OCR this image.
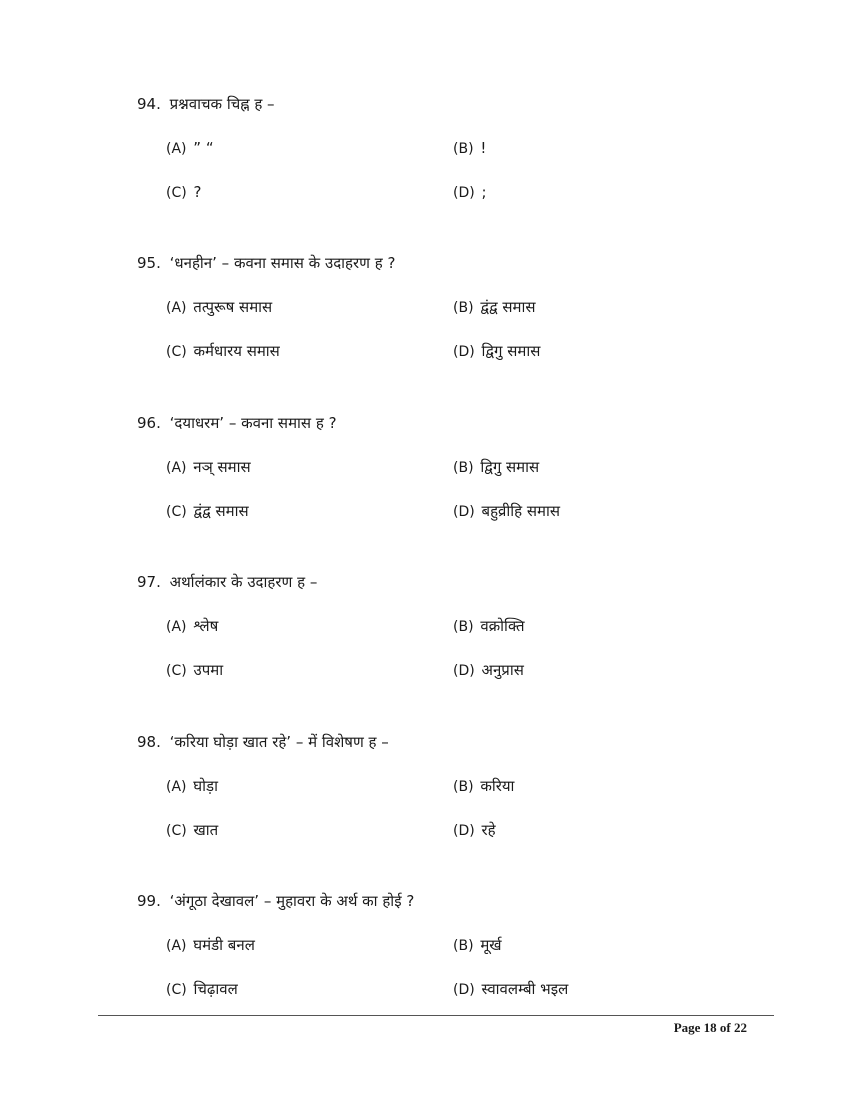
94. प्रश्नवाचक चिह्न ह –
(A) ” “	(B) !
(C) ?	(D) ;
95. ‘धनहीन’ – कवना समास के उदाहरण ह ?
(A) तत्पुरूष समास	(B) द्वंद्व समास
(C) कर्मधारय समास	(D) द्विगु समास
96. ‘दयाधरम’ – कवना समास ह ?
(A) नञ् समास	(B) द्विगु समास
(C) द्वंद्व समास	(D) बहुव्रीहि समास
97. अर्थालंकार के उदाहरण ह –
(A) श्लेष	(B) वक्रोक्ति
(C) उपमा	(D) अनुप्रास
98. ‘करिया घोड़ा खात रहे’ – में विशेषण ह –
(A) घोड़ा	(B) करिया
(C) खात	(D) रहे
99. ‘अंगूठा देखावल’ – मुहावरा के अर्थ का होई ?
(A) घमंडी बनल	(B) मूर्ख
(C) चिढ़ावल	(D) स्वावलम्बी भइल
Page 18 of 22
